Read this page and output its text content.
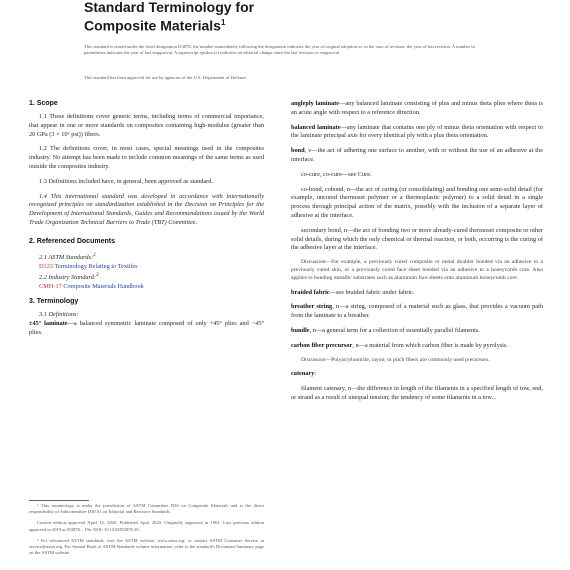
Standard Terminology for
Composite Materials$^1$
This standard is issued under the fixed designation D3878; the number immediately following the designation indicates the year of original adoption or, in the case of revision, the year of last revision. A number in parentheses indicates the year of last reapproval. A superscript epsilon (ε) indicates an editorial change since the last revision or reapproval.
This standard has been approved for use by agencies of the U.S. Department of Defense.
1. Scope
1.1 These definitions cover generic terms, including terms of commercial importance, that appear in one or more standards on composites containing high-modulus (greater than 20 GPa (3 × 10⁶ psi)) fibers.
1.2 The definitions cover, in most cases, special meanings used in the composites industry. No attempt has been made to include common meanings of the same terms as used outside the composites industry.
1.3 Definitions included have, in general, been approved as standard.
1.4 This international standard was developed in accordance with internationally recognized principles on standardization established in the Decision on Principles for the Development of International Standards, Guides and Recommendations issued by the World Trade Organization Technical Barriers to Trade (TBT) Committee.
2. Referenced Documents
2.1 ASTM Standards:$^2$
D123 Terminology Relating to Textiles
2.2 Industry Standard:$^3$
CMH-17 Composite Materials Handbook
3. Terminology
3.1 Definitions:
±45° laminate—a balanced symmetric laminate composed of only +45° plies and −45° plies.
¹ This terminology is under the jurisdiction of ASTM Committee D30 on Composite Materials and is the direct responsibility of Subcommittee D30.01 on Editorial and Resource Standards.
Current edition approved April 15, 2020. Published April 2020. Originally approved in 1961. Last previous edition approved in 2019 as D3878 – 19a. DOI: 10.1520/D3878-20.
² For referenced ASTM standards, visit the ASTM website, www.astm.org, or contact ASTM Customer Service at service@astm.org. For Annual Book of ASTM Standards volume information, refer to the standard's Document Summary page on the ASTM website.
angleply laminate—any balanced laminate consisting of plus and minus theta plies where theta is an acute angle with respect to a reference direction.
balanced laminate—any laminate that contains one ply of minus theta orientation with respect to the laminate principal axis for every identical ply with a plus theta orientation.
bond, v—the act of adhering one surface to another, with or without the use of an adhesive at the interface.
co-cure, co-cure—see Cure.
co-bond, cobond, n—the act of curing (or consolidating) and bonding one semi-solid detail (for example, uncured thermoset polymer or a thermoplastic polymer) to a solid detail in a single process through principal action of the matrix, possibly with the inclusion of a separate layer of adhesive at the interface.
secondary bond, n—the act of bonding two or more already-cured thermoset composite or other solid details, during which the only chemical or thermal reaction, or both, occurring is the curing of the adhesive layer at the interface.
Discussion—For example, a previously cured composite or metal doubler bonded via an adhesive to a previously cured skin, or a previously cured face sheet bonded via an adhesive to a honeycomb core. Also applies to bonding metallic substrates such as aluminum face sheets onto aluminum honeycomb core.
braided fabric—see braided fabric under fabric.
breather string, n—a string, composed of a material such as glass, that provides a vacuum path from the laminate to a breather.
bundle, n—a general term for a collection of essentially parallel filaments.
carbon fiber precursor, n—a material from which carbon fiber is made by pyrolysis.
Discussion—Polyacrylonitrile, rayon, or pitch fibers are commonly used precursors.
catenary:
filament catenary, n—the difference in length of the filaments in a specified length of tow, end, or strand as a result of unequal tension; the tendency of some filaments in a tow...
